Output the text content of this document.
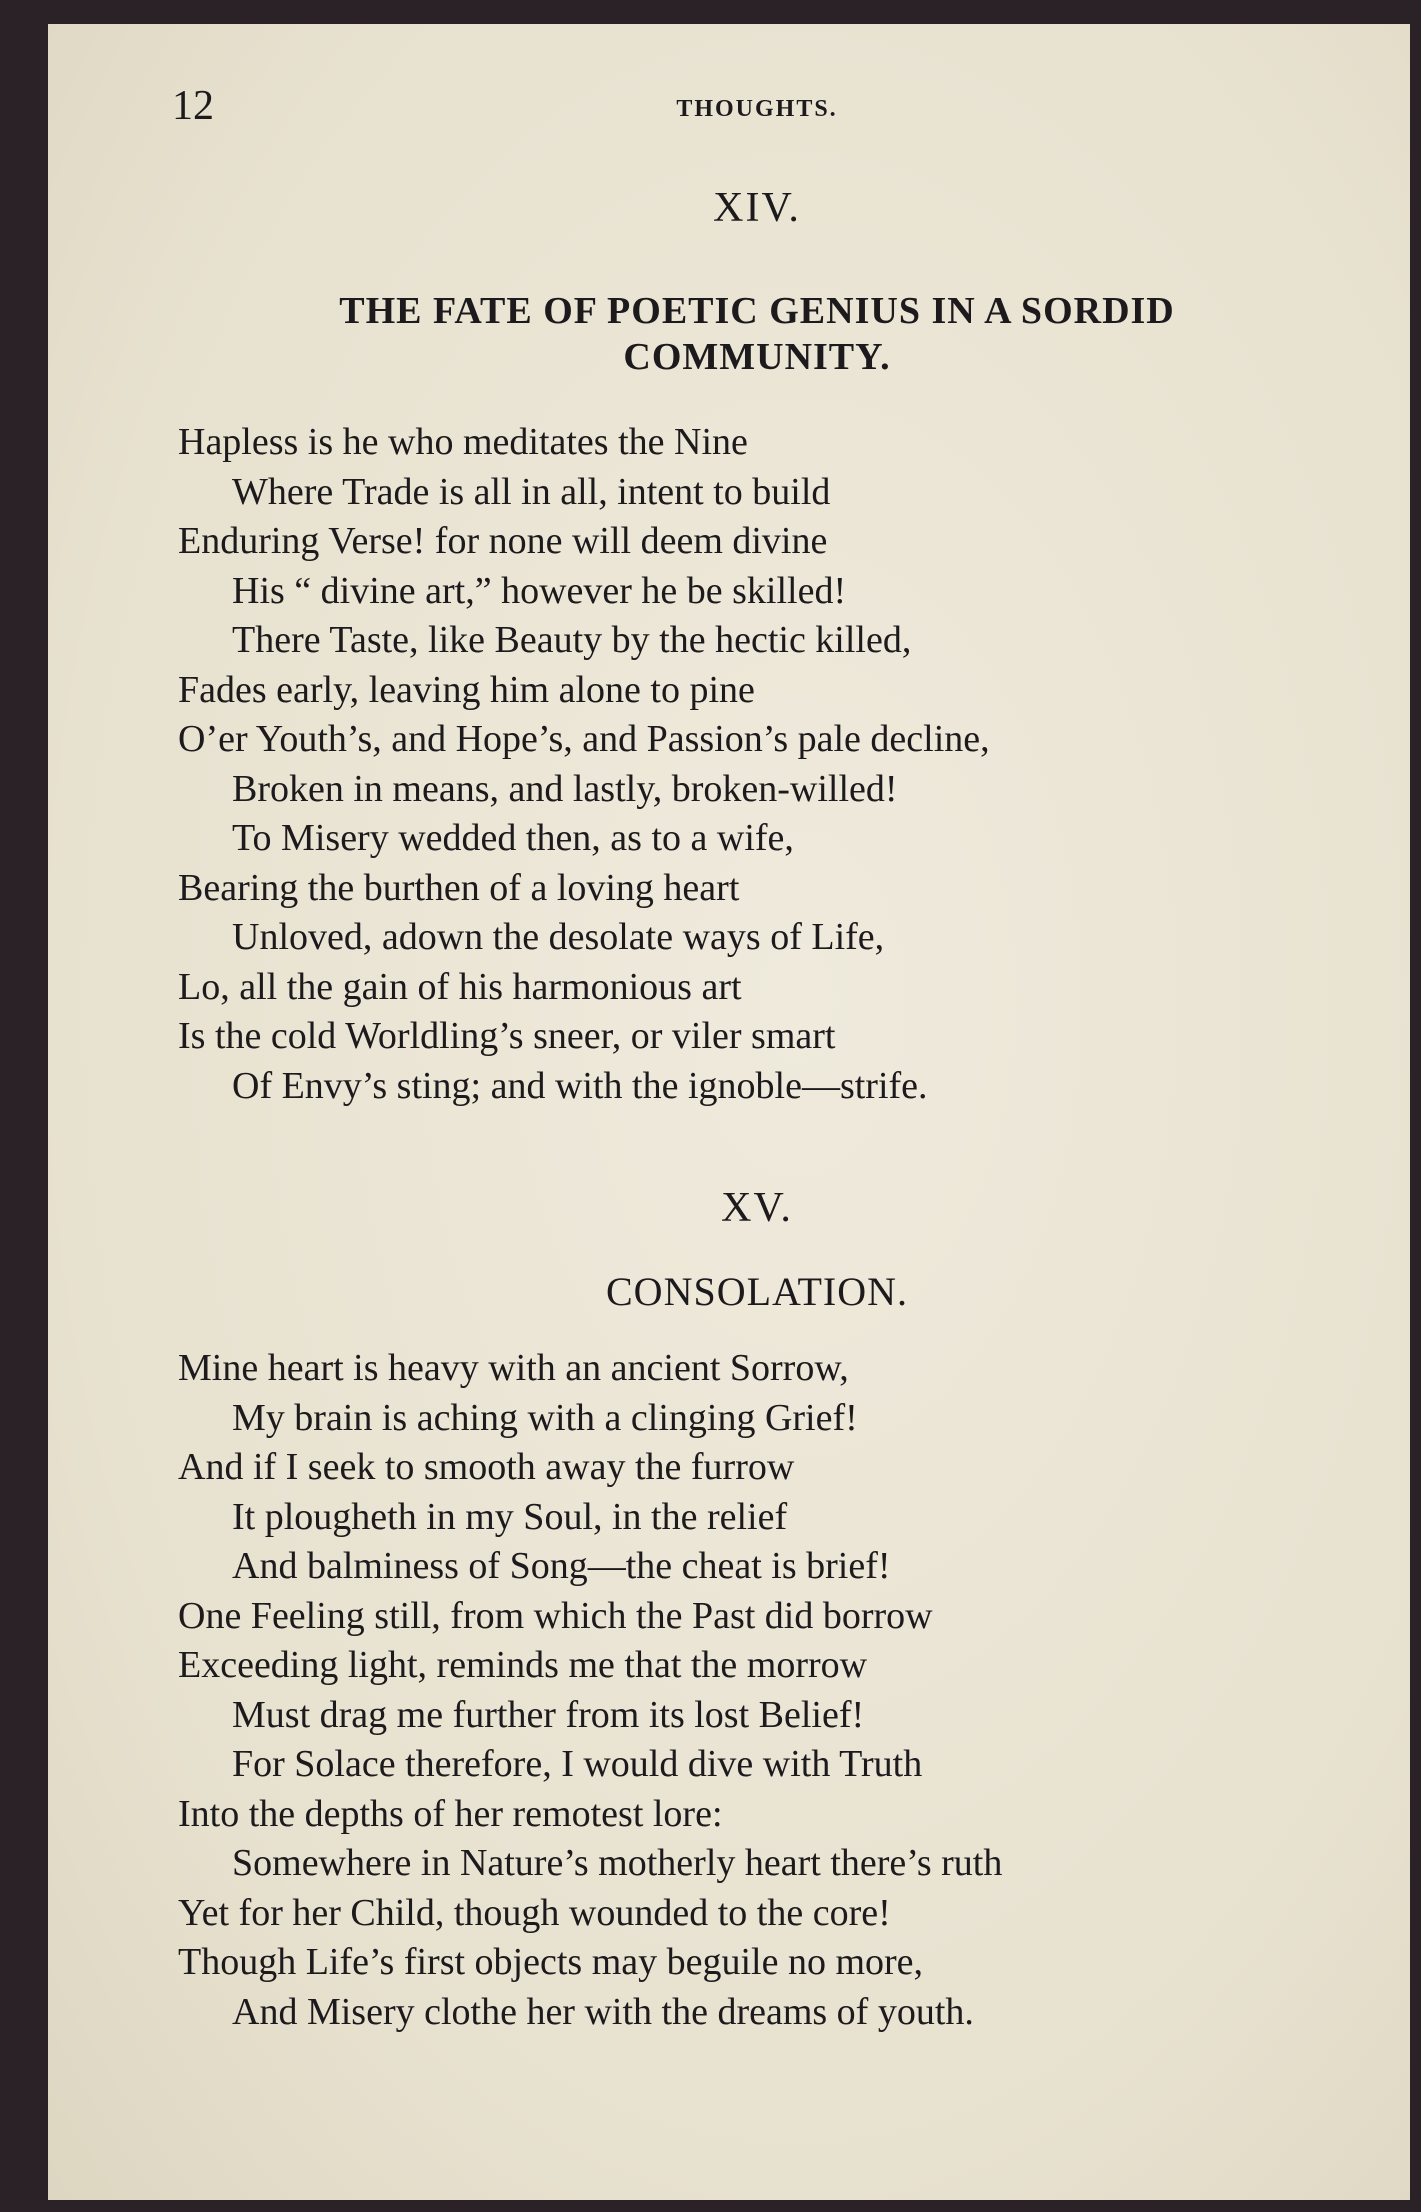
12	THOUGHTS.
XIV.
THE FATE OF POETIC GENIUS IN A SORDID
COMMUNITY.
Hapless is he who meditates the Nine
Where Trade is all in all, intent to build
Enduring Verse! for none will deem divine
His “ divine art,” however he be skilled!
There Taste, like Beauty by the hectic killed,
Fades early, leaving him alone to pine
O’er Youth’s, and Hope’s, and Passion’s pale decline,
Broken in means, and lastly, broken-willed!
To Misery wedded then, as to a wife,
Bearing the burthen of a loving heart
Unloved, adown the desolate ways of Life,
Lo, all the gain of his harmonious art
Is the cold Worldling’s sneer, or viler smart
Of Envy’s sting; and with the ignoble—strife.
XV.
CONSOLATION.
Mine heart is heavy with an ancient Sorrow,
My brain is aching with a clinging Grief!
And if I seek to smooth away the furrow
It plougheth in my Soul, in the relief
And balminess of Song—the cheat is brief!
One Feeling still, from which the Past did borrow
Exceeding light, reminds me that the morrow
Must drag me further from its lost Belief!
For Solace therefore, I would dive with Truth
Into the depths of her remotest lore:
Somewhere in Nature’s motherly heart there’s ruth
Yet for her Child, though wounded to the core!
Though Life’s first objects may beguile no more,
And Misery clothe her with the dreams of youth.
